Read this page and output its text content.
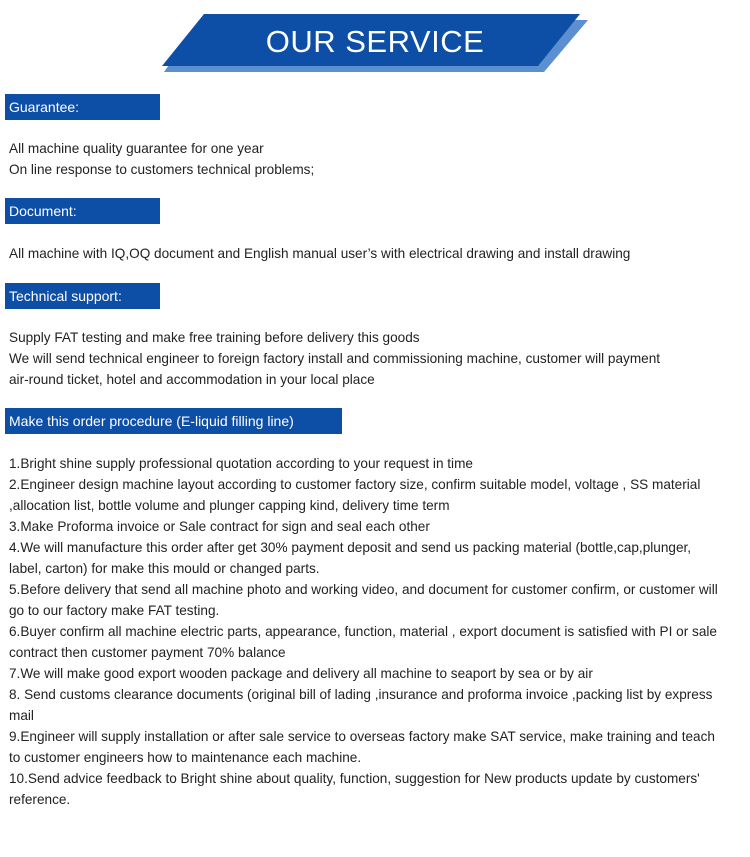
OUR SERVICE
Guarantee:
All machine quality guarantee for one year
On line response to customers technical problems;
Document:
All machine with IQ,OQ document and English manual user’s with electrical drawing and install drawing
Technical support:
Supply FAT testing and make free training before delivery this goods
We will send technical engineer to foreign factory install and commissioning machine, customer will payment
air-round ticket, hotel and accommodation in your local place
Make this order procedure (E-liquid filling line)
1.Bright shine supply professional quotation according to your request in time
2.Engineer design machine layout according to customer factory size, confirm suitable model, voltage , SS material
,allocation list, bottle volume and plunger capping kind, delivery time term
3.Make Proforma invoice or Sale contract for sign and seal each other
4.We will manufacture this order after get 30% payment deposit and send us packing material (bottle,cap,plunger,
label, carton) for make this mould or changed parts.
5.Before delivery that send all machine photo and working video, and document for customer confirm, or customer will
go to our factory make FAT testing.
6.Buyer confirm all machine electric parts, appearance, function, material , export document is satisfied with PI or sale
contract then customer payment 70% balance
7.We will make good export wooden package and delivery all machine to seaport by sea or by air
8. Send customs clearance documents (original bill of lading ,insurance and proforma invoice ,packing list by express
mail
9.Engineer will supply installation or after sale service to overseas factory make SAT service, make training and teach
to customer engineers how to maintenance each machine.
10.Send advice feedback to Bright shine about quality, function, suggestion for New products update by customers'
reference.
